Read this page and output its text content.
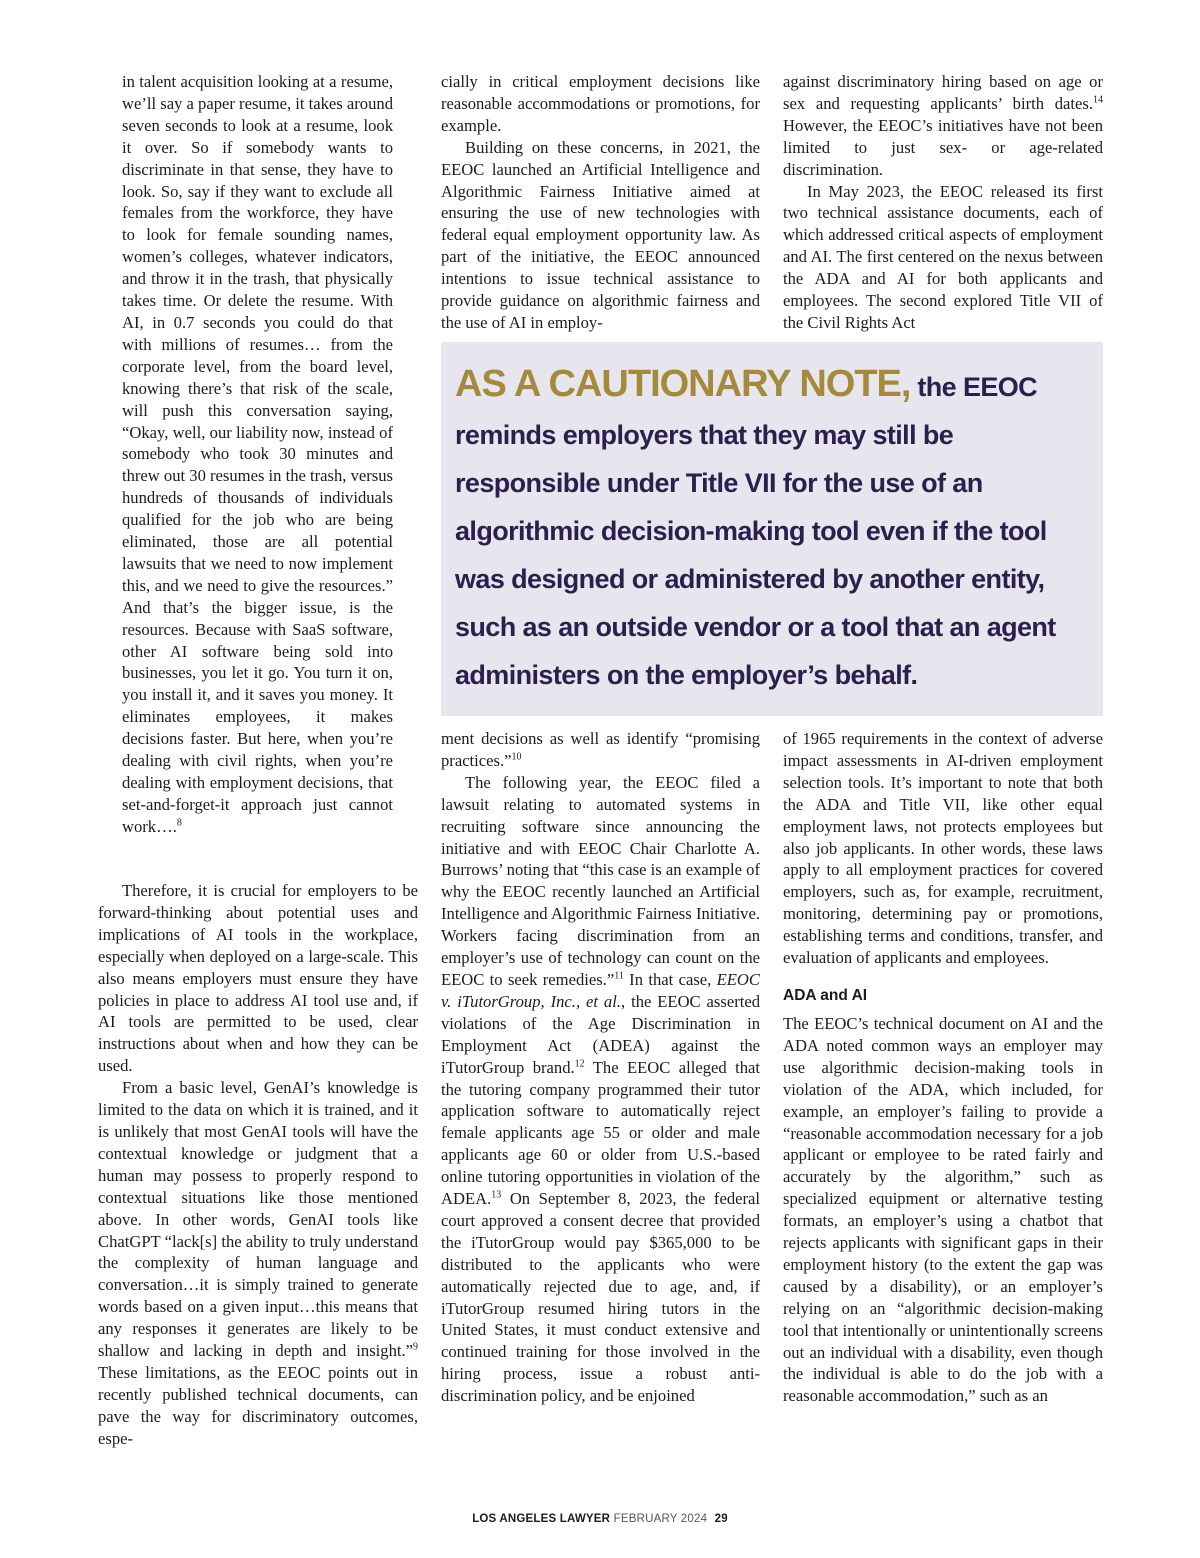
in talent acquisition looking at a resume, we’ll say a paper resume, it takes around seven seconds to look at a resume, look it over. So if somebody wants to discriminate in that sense, they have to look. So, say if they want to exclude all females from the workforce, they have to look for female sounding names, women’s colleges, whatever indicators, and throw it in the trash, that physically takes time. Or delete the resume. With AI, in 0.7 seconds you could do that with millions of resumes… from the corporate level, from the board level, knowing there’s that risk of the scale, will push this conversation saying, “Okay, well, our liability now, instead of somebody who took 30 minutes and threw out 30 resumes in the trash, versus hundreds of thousands of individuals qualified for the job who are being eliminated, those are all potential lawsuits that we need to now implement this, and we need to give the resources.” And that’s the bigger issue, is the resources. Because with SaaS software, other AI software being sold into businesses, you let it go. You turn it on, you install it, and it saves you money. It eliminates employees, it makes decisions faster. But here, when you’re dealing with civil rights, when you’re dealing with employment decisions, that set-and-forget-it approach just cannot work….$^8$

Therefore, it is crucial for employers to be forward-thinking about potential uses and implications of AI tools in the workplace, especially when deployed on a large-scale. This also means employers must ensure they have policies in place to address AI tool use and, if AI tools are permitted to be used, clear instructions about when and how they can be used.

From a basic level, GenAI’s knowledge is limited to the data on which it is trained, and it is unlikely that most GenAI tools will have the contextual knowledge or judgment that a human may possess to properly respond to contextual situations like those mentioned above. In other words, GenAI tools like ChatGPT “lack[s] the ability to truly understand the complexity of human language and conversation…it is simply trained to generate words based on a given input…this means that any responses it generates are likely to be shallow and lacking in depth and insight.”$^9$ These limitations, as the EEOC points out in recently published technical documents, can pave the way for discriminatory outcomes, espe-

cially in critical employment decisions like reasonable accommodations or promotions, for example.

Building on these concerns, in 2021, the EEOC launched an Artificial Intelligence and Algorithmic Fairness Initiative aimed at ensuring the use of new technologies with federal equal employment opportunity law. As part of the initiative, the EEOC announced intentions to issue technical assistance to provide guidance on algorithmic fairness and the use of AI in employ-

against discriminatory hiring based on age or sex and requesting applicants’ birth dates.$^{14}$ However, the EEOC’s initiatives have not been limited to just sex- or age-related discrimination.

In May 2023, the EEOC released its first two technical assistance documents, each of which addressed critical aspects of employment and AI. The first centered on the nexus between the ADA and AI for both applicants and employees. The second explored Title VII of the Civil Rights Act

AS A CAUTIONARY NOTE, the EEOC reminds employers that they may still be responsible under Title VII for the use of an algorithmic decision-making tool even if the tool was designed or administered by another entity, such as an outside vendor or a tool that an agent administers on the employer’s behalf.

ment decisions as well as identify “promising practices.”$^{10}$

The following year, the EEOC filed a lawsuit relating to automated systems in recruiting software since announcing the initiative and with EEOC Chair Charlotte A. Burrows’ noting that “this case is an example of why the EEOC recently launched an Artificial Intelligence and Algorithmic Fairness Initiative. Workers facing discrimination from an employer’s use of technology can count on the EEOC to seek remedies.”$^{11}$ In that case, EEOC v. iTutorGroup, Inc., et al., the EEOC asserted violations of the Age Discrimination in Employment Act (ADEA) against the iTutorGroup brand.$^{12}$ The EEOC alleged that the tutoring company programmed their tutor application software to automatically reject female applicants age 55 or older and male applicants age 60 or older from U.S.-based online tutoring opportunities in violation of the ADEA.$^{13}$ On September 8, 2023, the federal court approved a consent decree that provided the iTutorGroup would pay $365,000 to be distributed to the applicants who were automatically rejected due to age, and, if iTutorGroup resumed hiring tutors in the United States, it must conduct extensive and continued training for those involved in the hiring process, issue a robust anti-discrimination policy, and be enjoined

of 1965 requirements in the context of adverse impact assessments in AI-driven employment selection tools. It’s important to note that both the ADA and Title VII, like other equal employment laws, not protects employees but also job applicants. In other words, these laws apply to all employment practices for covered employers, such as, for example, recruitment, monitoring, determining pay or promotions, establishing terms and conditions, transfer, and evaluation of applicants and employees.

ADA and AI

The EEOC’s technical document on AI and the ADA noted common ways an employer may use algorithmic decision-making tools in violation of the ADA, which included, for example, an employer’s failing to provide a “reasonable accommodation necessary for a job applicant or employee to be rated fairly and accurately by the algorithm,” such as specialized equipment or alternative testing formats, an employer’s using a chatbot that rejects applicants with significant gaps in their employment history (to the extent the gap was caused by a disability), or an employer’s relying on an “algorithmic decision-making tool that intentionally or unintentionally screens out an individual with a disability, even though the individual is able to do the job with a reasonable accommodation,” such as an

LOS ANGELES LAWYER FEBRUARY 2024 29
